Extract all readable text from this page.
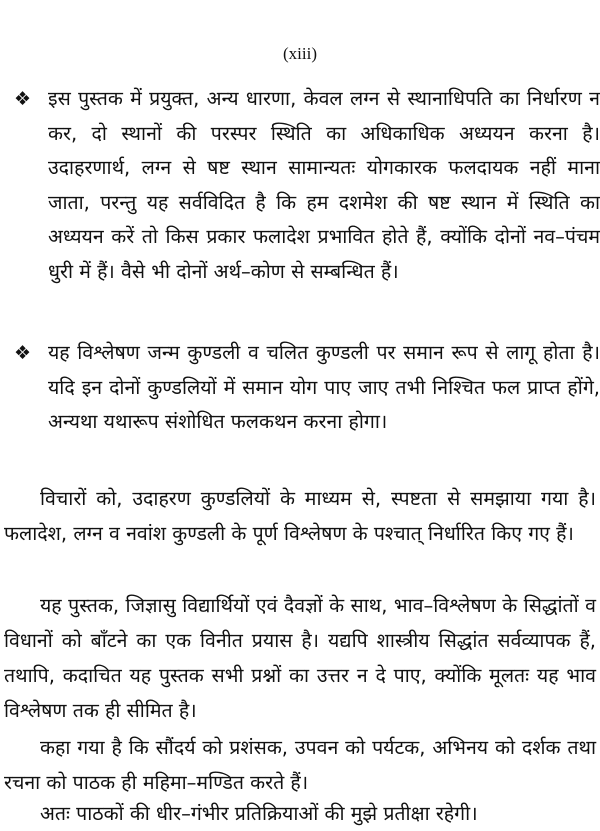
(xiii)
❖ इस पुस्तक में प्रयुक्त, अन्य धारणा, केवल लग्न से स्थानाधिपति का निर्धारण न कर, दो स्थानों की परस्पर स्थिति का अधिकाधिक अध्ययन करना है। उदाहरणार्थ, लग्न से षष्ट स्थान सामान्यतः योगकारक फलदायक नहीं माना जाता, परन्तु यह सर्वविदित है कि हम दशमेश की षष्ट स्थान में स्थिति का अध्ययन करें तो किस प्रकार फलादेश प्रभावित होते हैं, क्योंकि दोनों नव–पंचम धुरी में हैं। वैसे भी दोनों अर्थ–कोण से सम्बन्धित हैं।
❖ यह विश्लेषण जन्म कुण्डली व चलित कुण्डली पर समान रूप से लागू होता है। यदि इन दोनों कुण्डलियों में समान योग पाए जाए तभी निश्चित फल प्राप्त होंगे, अन्यथा यथारूप संशोधित फलकथन करना होगा।
विचारों को, उदाहरण कुण्डलियों के माध्यम से, स्पष्टता से समझाया गया है। फलादेश, लग्न व नवांश कुण्डली के पूर्ण विश्लेषण के पश्चात् निर्धारित किए गए हैं।
यह पुस्तक, जिज्ञासु विद्यार्थियों एवं दैवज्ञों के साथ, भाव–विश्लेषण के सिद्धांतों व विधानों को बाँटने का एक विनीत प्रयास है। यद्यपि शास्त्रीय सिद्धांत सर्वव्यापक हैं, तथापि, कदाचित यह पुस्तक सभी प्रश्नों का उत्तर न दे पाए, क्योंकि मूलतः यह भाव विश्लेषण तक ही सीमित है।
कहा गया है कि सौंदर्य को प्रशंसक, उपवन को पर्यटक, अभिनय को दर्शक तथा रचना को पाठक ही महिमा–मण्डित करते हैं।
अतः पाठकों की धीर–गंभीर प्रतिक्रियाओं की मुझे प्रतीक्षा रहेगी।
